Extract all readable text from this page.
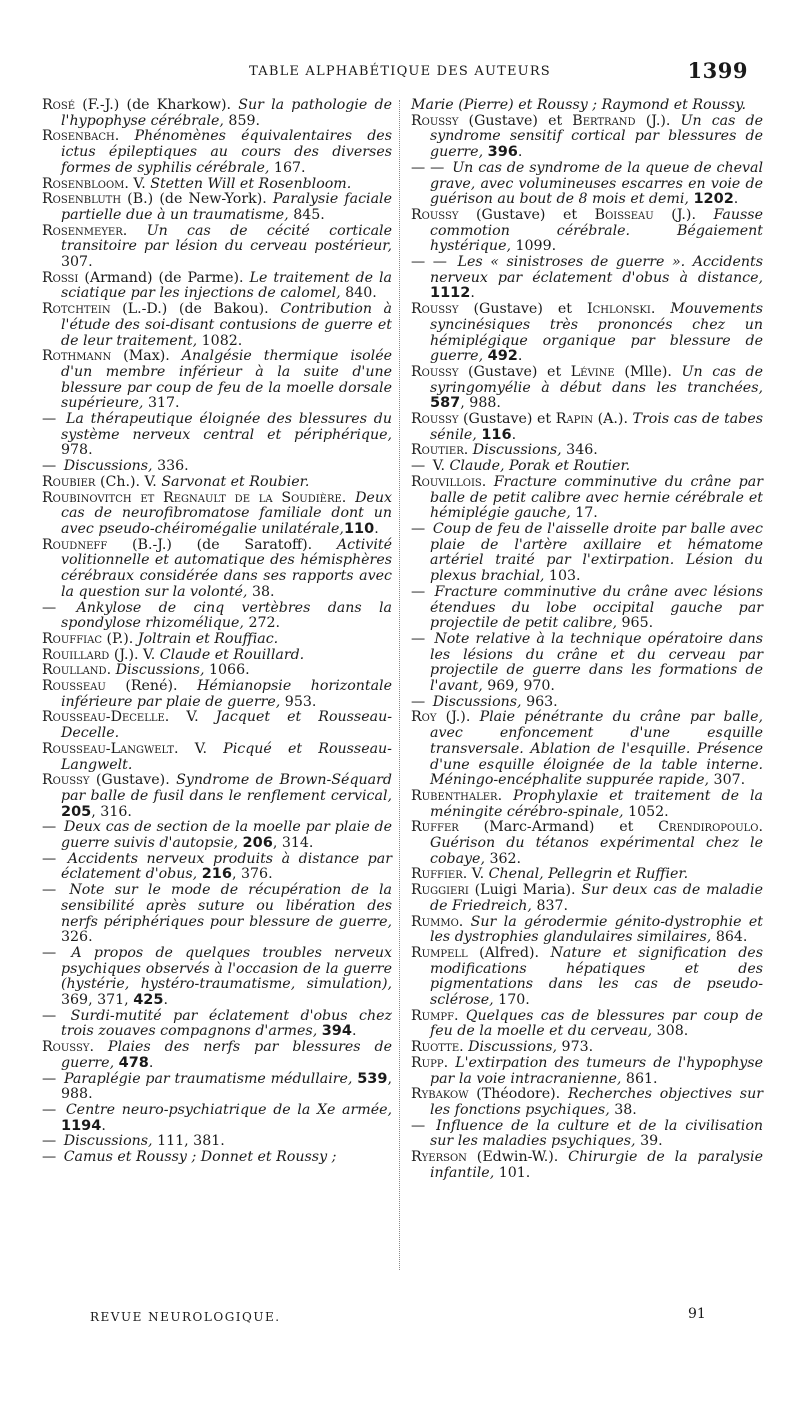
TABLE ALPHABÉTIQUE DES AUTEURS	1399

Rosé (F.-J.) (de Kharkow). Sur la pathologie de l'hypophyse cérébrale, 859.

Rosenbach. Phénomènes équivalentaires des ictus épileptiques au cours des diverses formes de syphilis cérébrale, 167.

Rosenbloom. V. Stetten Will et Rosenbloom.

Rosenbluth (B.) (de New-York). Paralysie faciale partielle due à un traumatisme, 845.

Rosenmeyer. Un cas de cécité corticale transitoire par lésion du cerveau postérieur, 307.

Rossi (Armand) (de Parme). Le traitement de la sciatique par les injections de calomel, 840.

Rotchtein (L.-D.) (de Bakou). Contribution à l'étude des soi-disant contusions de guerre et de leur traitement, 1082.

Rothmann (Max). Analgésie thermique isolée d'un membre inférieur à la suite d'une blessure par coup de feu de la moelle dorsale supérieure, 317.

— La thérapeutique éloignée des blessures du système nerveux central et périphérique, 978.

— Discussions, 336.

Roubier (Ch.). V. Sarvonat et Roubier.

Roubinovitch et Regnault de la Soudière. Deux cas de neurofibromatose familiale dont un avec pseudo-chéiromégalie unilatérale,110.

Roudneff (B.-J.) (de Saratoff). Activité volitionnelle et automatique des hémisphères cérébraux considérée dans ses rapports avec la question sur la volonté, 38.

— Ankylose de cinq vertèbres dans la spondylose rhizomélique, 272.

Rouffiac (P.). Joltrain et Rouffiac.

Rouillard (J.). V. Claude et Rouillard.

Roulland. Discussions, 1066.

Rousseau (René). Hémianopsie horizontale inférieure par plaie de guerre, 953.

Rousseau-Decelle. V. Jacquet et Rousseau-Decelle.

Rousseau-Langwelt. V. Picqué et Rousseau-Langwelt.

Roussy (Gustave). Syndrome de Brown-Séquard par balle de fusil dans le renflement cervical, 205, 316.

— Deux cas de section de la moelle par plaie de guerre suivis d'autopsie, 206, 314.

— Accidents nerveux produits à distance par éclatement d'obus, 216, 376.

— Note sur le mode de récupération de la sensibilité après suture ou libération des nerfs périphériques pour blessure de guerre, 326.

— A propos de quelques troubles nerveux psychiques observés à l'occasion de la guerre (hystérie, hystéro-traumatisme, simulation), 369, 371, 425.

— Surdi-mutité par éclatement d'obus chez trois zouaves compagnons d'armes, 394.

Roussy. Plaies des nerfs par blessures de guerre, 478.

— Paraplégie par traumatisme médullaire, 539, 988.

— Centre neuro-psychiatrique de la Xe armée, 1194.

— Discussions, 111, 381.

— Camus et Roussy ; Donnet et Roussy ;

Marie (Pierre) et Roussy ; Raymond et Roussy.

Roussy (Gustave) et Bertrand (J.). Un cas de syndrome sensitif cortical par blessures de guerre, 396.

— — Un cas de syndrome de la queue de cheval grave, avec volumineuses escarres en voie de guérison au bout de 8 mois et demi, 1202.

Roussy (Gustave) et Boisseau (J.). Fausse commotion cérébrale. Bégaiement hystérique, 1099.

— — Les « sinistroses de guerre ». Accidents nerveux par éclatement d'obus à distance, 1112.

Roussy (Gustave) et Ichlonski. Mouvements syncinésiques très prononcés chez un hémiplégique organique par blessure de guerre, 492.

Roussy (Gustave) et Lévine (Mlle). Un cas de syringomyélie à début dans les tranchées, 587, 988.

Roussy (Gustave) et Rapin (A.). Trois cas de tabes sénile, 116.

Routier. Discussions, 346.

— V. Claude, Porak et Routier.

Rouvillois. Fracture comminutive du crâne par balle de petit calibre avec hernie cérébrale et hémiplégie gauche, 17.

— Coup de feu de l'aisselle droite par balle avec plaie de l'artère axillaire et hématome artériel traité par l'extirpation. Lésion du plexus brachial, 103.

— Fracture comminutive du crâne avec lésions étendues du lobe occipital gauche par projectile de petit calibre, 965.

— Note relative à la technique opératoire dans les lésions du crâne et du cerveau par projectile de guerre dans les formations de l'avant, 969, 970.

— Discussions, 963.

Roy (J.). Plaie pénétrante du crâne par balle, avec enfoncement d'une esquille transversale. Ablation de l'esquille. Présence d'une esquille éloignée de la table interne. Méningo-encéphalite suppurée rapide, 307.

Rubenthaler. Prophylaxie et traitement de la méningite cérébro-spinale, 1052.

Ruffer (Marc-Armand) et Crendiropoulo. Guérison du tétanos expérimental chez le cobaye, 362.

Ruffier. V. Chenal, Pellegrin et Ruffier.

Ruggieri (Luigi Maria). Sur deux cas de maladie de Friedreich, 837.

Rummo. Sur la gérodermie génito-dystrophie et les dystrophies glandulaires similaires, 864.

Rumpell (Alfred). Nature et signification des modifications hépatiques et des pigmentations dans les cas de pseudo-sclérose, 170.

Rumpf. Quelques cas de blessures par coup de feu de la moelle et du cerveau, 308.

Ruotte. Discussions, 973.

Rupp. L'extirpation des tumeurs de l'hypophyse par la voie intracranienne, 861.

Rybakow (Théodore). Recherches objectives sur les fonctions psychiques, 38.

— Influence de la culture et de la civilisation sur les maladies psychiques, 39.

Ryerson (Edwin-W.). Chirurgie de la paralysie infantile, 101.

REVUE NEUROLOGIQUE.	91
